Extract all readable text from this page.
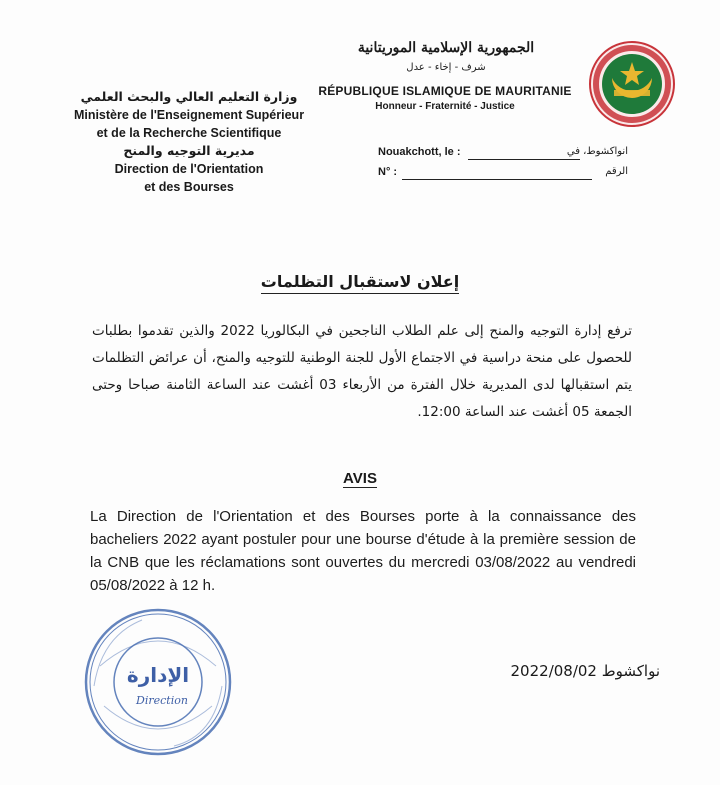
الجمهورية الإسلامية الموريتانية
شرف - إخاء - عدل
RÉPUBLIQUE ISLAMIQUE DE MAURITANIE
Honneur - Fraternité - Justice
وزارة التعليم العالي والبحث العلمي
Ministère de l'Enseignement Supérieur
et de la Recherche Scientifique
مديرية التوجيه والمنح
Direction de l'Orientation
et des Bourses
Nouakchott, le :	انواكشوط، في
N° :	الرقم
إعلان لاستقبال التظلمات
ترفع إدارة التوجيه والمنح إلى علم الطلاب الناجحين في البكالوريا 2022 والذين تقدموا بطلبات للحصول على منحة دراسية في الاجتماع الأول للجنة الوطنية للتوجيه والمنح، أن عرائض التظلمات يتم استقبالها لدى المديرية خلال الفترة من الأربعاء 03 أغشت عند الساعة الثامنة صباحا وحتى الجمعة 05 أغشت عند الساعة 12:00.
AVIS
La Direction de l'Orientation et des Bourses porte à la connaissance des bacheliers 2022 ayant postuler pour une bourse d'étude à la première session de la CNB que les réclamations sont ouvertes du mercredi 03/08/2022 au vendredi 05/08/2022 à 12 h.
الإدارة
Direction
نواكشوط 2022/08/02
